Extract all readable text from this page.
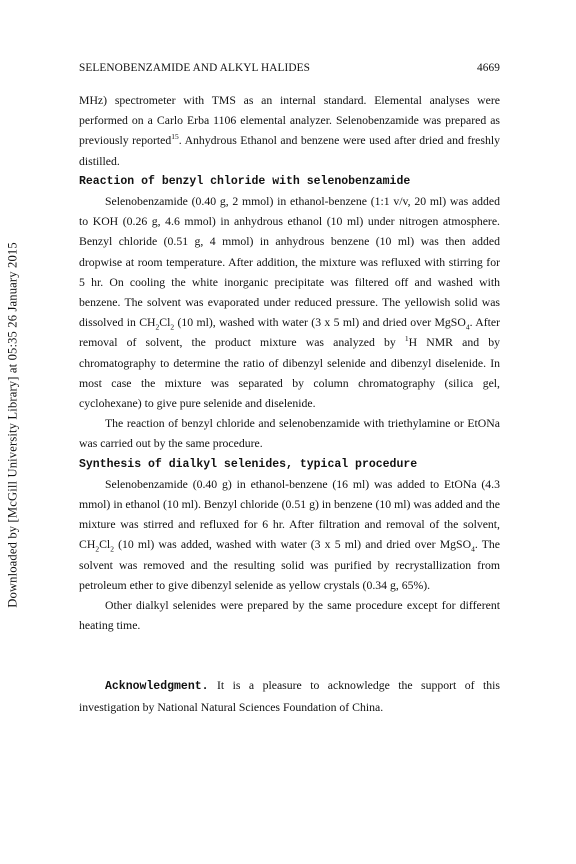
Downloaded by [McGill University Library] at 05:35 26 January 2015
SELENOBENZAMIDE AND ALKYL HALIDES	4669

MHz) spectrometer with TMS as an internal standard. Elemental analyses were performed on a Carlo Erba 1106 elemental analyzer. Selenobenzamide was prepared as previously reported$^{15}$. Anhydrous Ethanol and benzene were used after dried and freshly distilled.

Reaction of benzyl chloride with selenobenzamide

Selenobenzamide (0.40 g, 2 mmol) in ethanol-benzene (1:1 v/v, 20 ml) was added to KOH (0.26 g, 4.6 mmol) in anhydrous ethanol (10 ml) under nitrogen atmosphere. Benzyl chloride (0.51 g, 4 mmol) in anhydrous benzene (10 ml) was then added dropwise at room temperature. After addition, the mixture was refluxed with stirring for 5 hr. On cooling the white inorganic precipitate was filtered off and washed with benzene. The solvent was evaporated under reduced pressure. The yellowish solid was dissolved in $CH_2Cl_2$ (10 ml), washed with water (3 x 5 ml) and dried over MgSO$_4$. After removal of solvent, the product mixture was analyzed by $^1$H NMR and by chromatography to determine the ratio of dibenzyl selenide and dibenzyl diselenide. In most case the mixture was separated by column chromatography (silica gel, cyclohexane) to give pure selenide and diselenide.

The reaction of benzyl chloride and selenobenzamide with triethylamine or EtONa was carried out by the same procedure.

Synthesis of dialkyl selenides, typical procedure

Selenobenzamide (0.40 g) in ethanol-benzene (16 ml) was added to EtONa (4.3 mmol) in ethanol (10 ml). Benzyl chloride (0.51 g) in benzene (10 ml) was added and the mixture was stirred and refluxed for 6 hr. After filtration and removal of the solvent, $CH_2Cl_2$ (10 ml) was added, washed with water (3 x 5 ml) and dried over MgSO$_4$. The solvent was removed and the resulting solid was purified by recrystallization from petroleum ether to give dibenzyl selenide as yellow crystals (0.34 g, 65%).

Other dialkyl selenides were prepared by the same procedure except for different heating time.

Acknowledgment. It is a pleasure to acknowledge the support of this investigation by National Natural Sciences Foundation of China.
